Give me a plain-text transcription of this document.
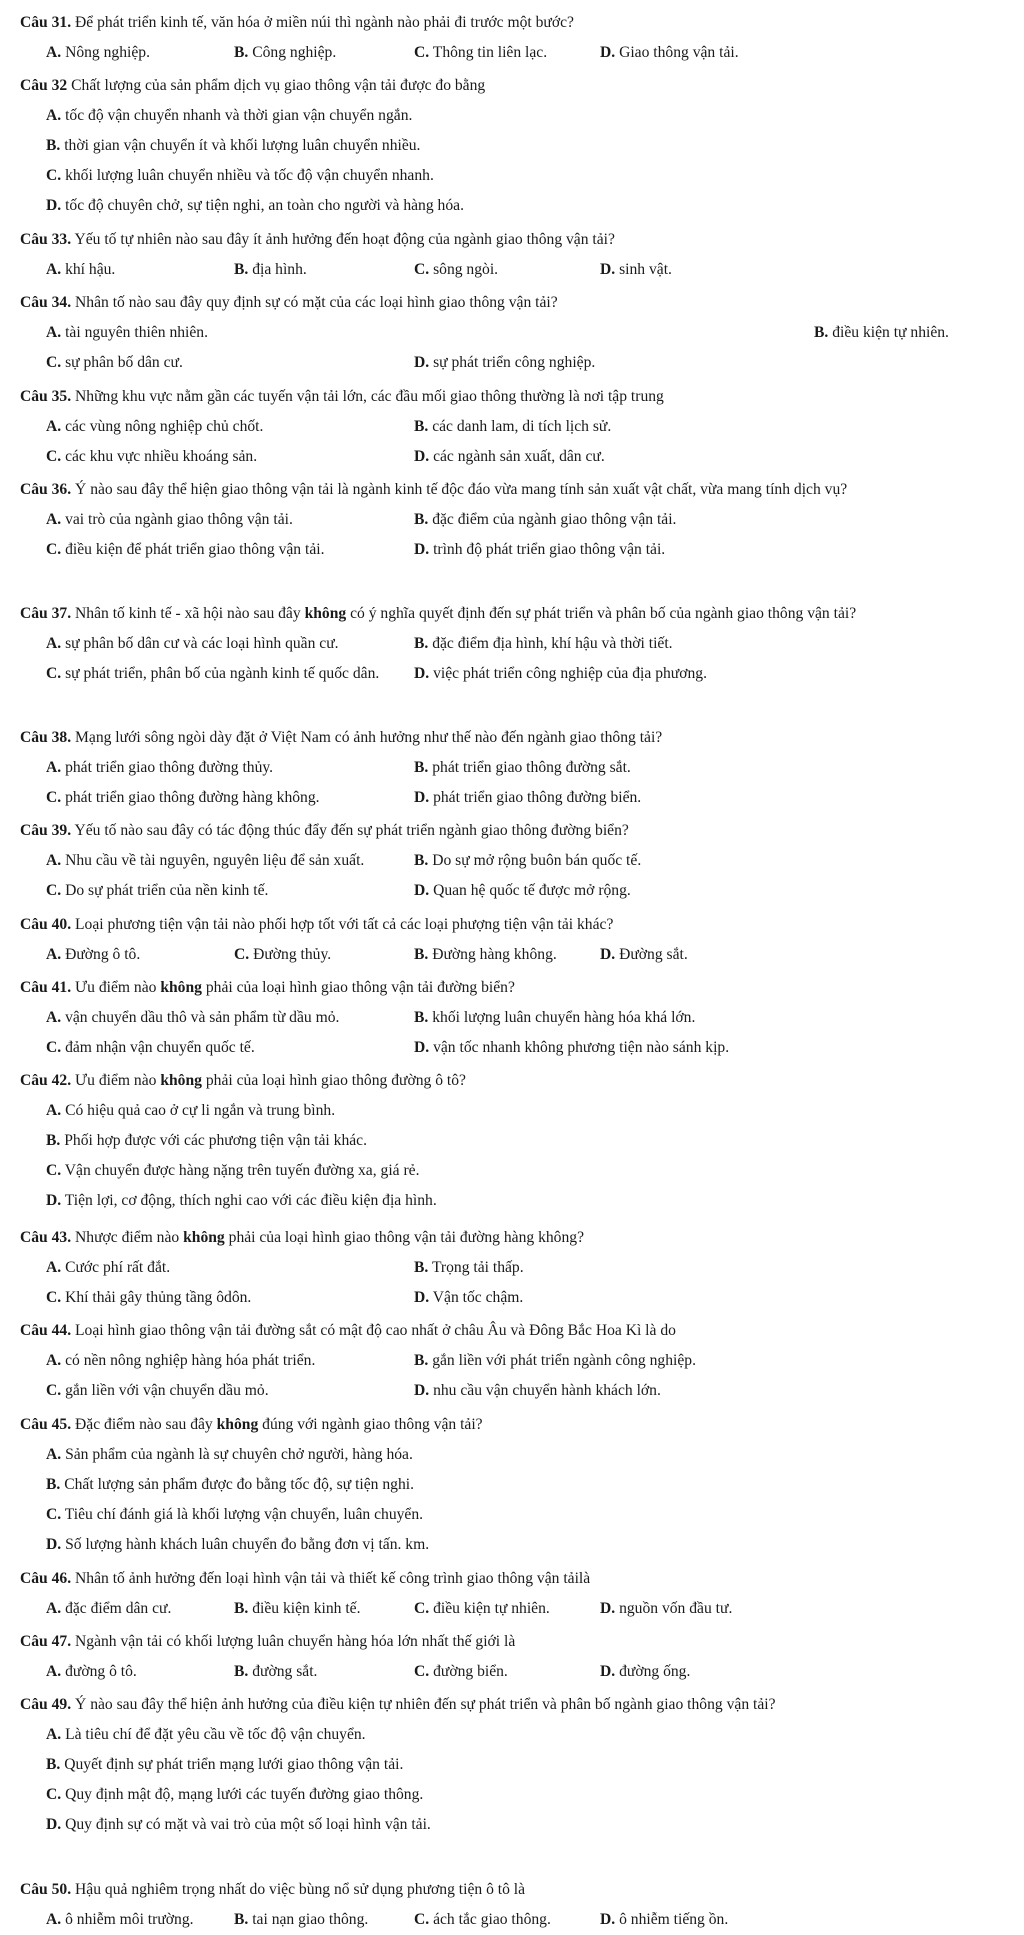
Câu 31. Để phát triển kinh tế, văn hóa ở miền núi thì ngành nào phải đi trước một bước?

A. Nông nghiệp.	B. Công nghiệp.	C. Thông tin liên lạc.	D. Giao thông vận tải.

Câu 32 Chất lượng của sản phẩm dịch vụ giao thông vận tải được đo bằng

A. tốc độ vận chuyển nhanh và thời gian vận chuyển ngắn.
B. thời gian vận chuyển ít và khối lượng luân chuyển nhiều.
C. khối lượng luân chuyển nhiều và tốc độ vận chuyển nhanh.
D. tốc độ chuyên chở, sự tiện nghi, an toàn cho người và hàng hóa.

Câu 33. Yếu tố tự nhiên nào sau đây ít ảnh hưởng đến hoạt động của ngành giao thông vận tải?

A. khí hậu.	B. địa hình.	C. sông ngòi.	D. sinh vật.

Câu 34. Nhân tố nào sau đây quy định sự có mặt của các loại hình giao thông vận tải?

A. tài nguyên thiên nhiên.	B. điều kiện tự nhiên.
C. sự phân bố dân cư.	D. sự phát triển công nghiệp.

Câu 35. Những khu vực nằm gần các tuyến vận tải lớn, các đầu mối giao thông thường là nơi tập trung

A. các vùng nông nghiệp chủ chốt.	B. các danh lam, di tích lịch sử.
C. các khu vực nhiều khoáng sản.	D. các ngành sản xuất, dân cư.

Câu 36. Ý nào sau đây thể hiện giao thông vận tải là ngành kinh tế độc đáo vừa mang tính sản xuất vật chất, vừa mang tính dịch vụ?

A. vai trò của ngành giao thông vận tải.	B. đặc điểm của ngành giao thông vận tải.
C. điều kiện để phát triển giao thông vận tải.	D. trình độ phát triển giao thông vận tải.

Câu 37. Nhân tố kinh tế - xã hội nào sau đây không có ý nghĩa quyết định đến sự phát triển và phân bố của ngành giao thông vận tải?

A. sự phân bố dân cư và các loại hình quần cư.	B. đặc điểm địa hình, khí hậu và thời tiết.
C. sự phát triển, phân bố của ngành kinh tế quốc dân.	D. việc phát triển công nghiệp của địa phương.

Câu 38. Mạng lưới sông ngòi dày đặt ở Việt Nam có ảnh hưởng như thế nào đến ngành giao thông tải?

A. phát triển giao thông đường thủy.	B. phát triển giao thông đường sắt.
C. phát triển giao thông đường hàng không.	D. phát triển giao thông đường biển.

Câu 39. Yếu tố nào sau đây có tác động thúc đẩy đến sự phát triển ngành giao thông đường biển?

A. Nhu cầu về tài nguyên, nguyên liệu để sản xuất.	B. Do sự mở rộng buôn bán quốc tế.
C. Do sự phát triển của nền kinh tế.	D. Quan hệ quốc tế được mở rộng.

Câu 40. Loại phương tiện vận tải nào phối hợp tốt với tất cả các loại phượng tiện vận tải khác?

A. Đường ô tô.	C. Đường thủy.	B. Đường hàng không.	D. Đường sắt.

Câu 41. Ưu điểm nào không phải của loại hình giao thông vận tải đường biển?

A. vận chuyển dầu thô và sản phẩm từ dầu mỏ.	B. khối lượng luân chuyển hàng hóa khá lớn.
C. đảm nhận vận chuyển quốc tế.	D. vận tốc nhanh không phương tiện nào sánh kịp.

Câu 42. Ưu điểm nào không phải của loại hình giao thông đường ô tô?

A. Có hiệu quả cao ở cự li ngắn và trung bình.
B. Phối hợp được với các phương tiện vận tải khác.
C. Vận chuyển được hàng nặng trên tuyến đường xa, giá rẻ.
D. Tiện lợi, cơ động, thích nghi cao với các điều kiện địa hình.

Câu 43. Nhược điểm nào không phải của loại hình giao thông vận tải đường hàng không?

A. Cước phí rất đắt.	B. Trọng tải thấp.
C. Khí thải gây thủng tầng ôdôn.	D. Vận tốc chậm.

Câu 44. Loại hình giao thông vận tải đường sắt có mật độ cao nhất ở châu Âu và Đông Bắc Hoa Kì là do

A. có nền nông nghiệp hàng hóa phát triển.	B. gắn liền với phát triển ngành công nghiệp.
C. gắn liền với vận chuyển dầu mỏ.	D. nhu cầu vận chuyển hành khách lớn.

Câu 45. Đặc điểm nào sau đây không đúng với ngành giao thông vận tải?

A. Sản phẩm của ngành là sự chuyên chở người, hàng hóa.
B. Chất lượng sản phẩm được đo bằng tốc độ, sự tiện nghi.
C. Tiêu chí đánh giá là khối lượng vận chuyển, luân chuyển.
D. Số lượng hành khách luân chuyển đo bằng đơn vị tấn. km.

Câu 46. Nhân tố ảnh hưởng đến loại hình vận tải và thiết kế công trình giao thông vận tảilà

A. đặc điểm dân cư.	B. điều kiện kinh tế.	C. điều kiện tự nhiên.	D. nguồn vốn đầu tư.

Câu 47. Ngành vận tải có khối lượng luân chuyển hàng hóa lớn nhất thế giới là

A. đường ô tô.	B. đường sắt.	C. đường biển.	D. đường ống.

Câu 49. Ý nào sau đây thể hiện ảnh hưởng của điều kiện tự nhiên đến sự phát triển và phân bố ngành giao thông vận tải?

A. Là tiêu chí để đặt yêu cầu về tốc độ vận chuyển.
B. Quyết định sự phát triển mạng lưới giao thông vận tải.
C. Quy định mật độ, mạng lưới các tuyến đường giao thông.
D. Quy định sự có mặt và vai trò của một số loại hình vận tải.

Câu 50. Hậu quả nghiêm trọng nhất do việc bùng nổ sử dụng phương tiện ô tô là

A. ô nhiễm môi trường.	B. tai nạn giao thông.	C. ách tắc giao thông.	D. ô nhiễm tiếng ồn.
